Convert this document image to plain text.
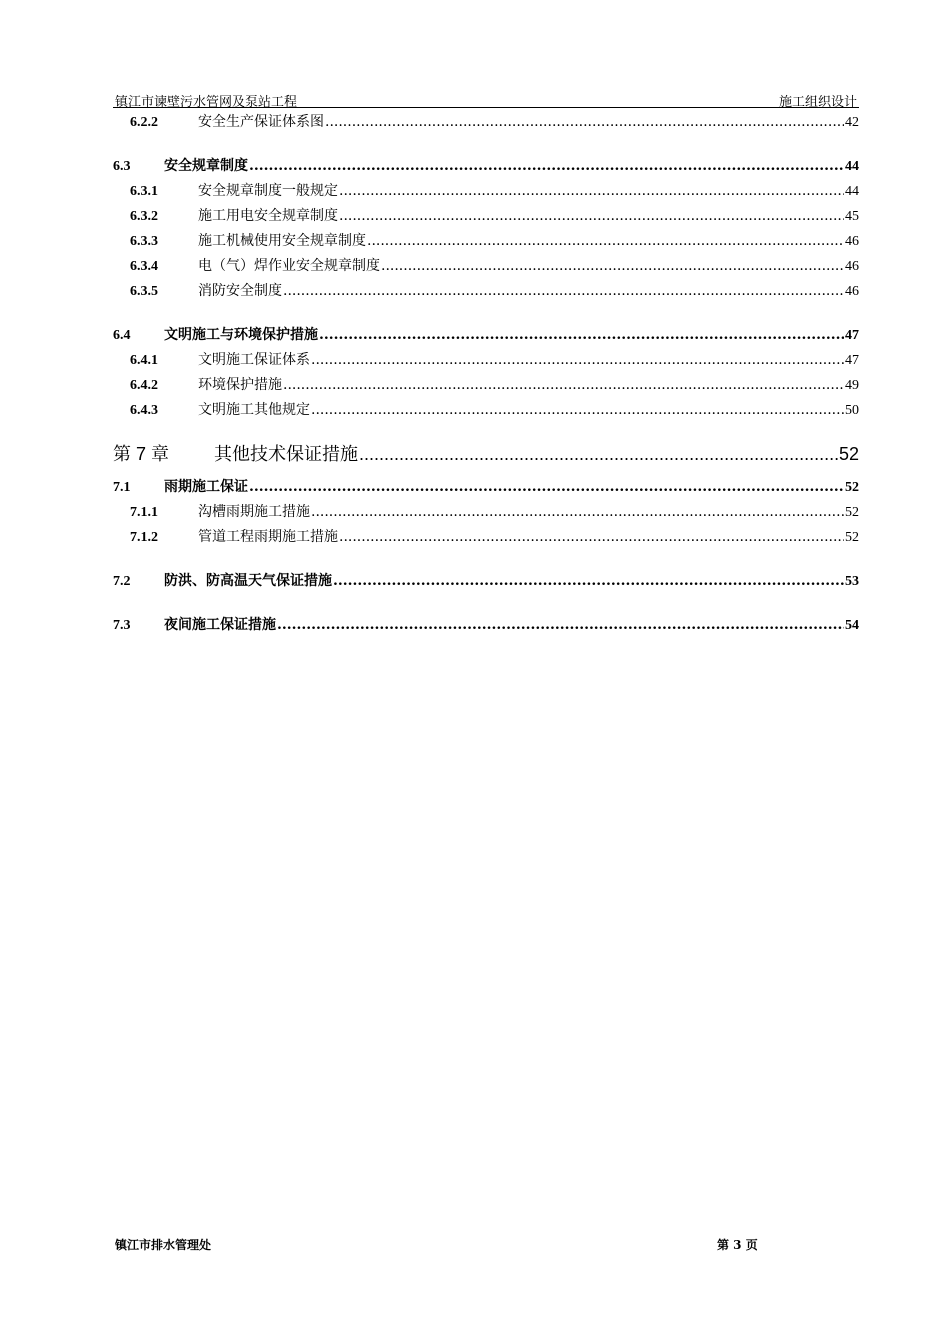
镇江市谏壁污水管网及泵站工程	施工组织设计
6.2.2	安全生产保证体系图 .....	42
6.3	安全规章制度 .....	44
6.3.1	安全规章制度一般规定 .....	44
6.3.2	施工用电安全规章制度 .....	45
6.3.3	施工机械使用安全规章制度 .....	46
6.3.4	电（气）焊作业安全规章制度 .....	46
6.3.5	消防安全制度 .....	46
6.4	文明施工与环境保护措施 .....	47
6.4.1	文明施工保证体系 .....	47
6.4.2	环境保护措施 .....	49
6.4.3	文明施工其他规定 .....	50
第 7 章	其他技术保证措施 .....	52
7.1	雨期施工保证 .....	52
7.1.1	沟槽雨期施工措施 .....	52
7.1.2	管道工程雨期施工措施 .....	52
7.2	防洪、防高温天气保证措施 .....	53
7.3	夜间施工保证措施 .....	54
镇江市排水管理处	第 3 页
